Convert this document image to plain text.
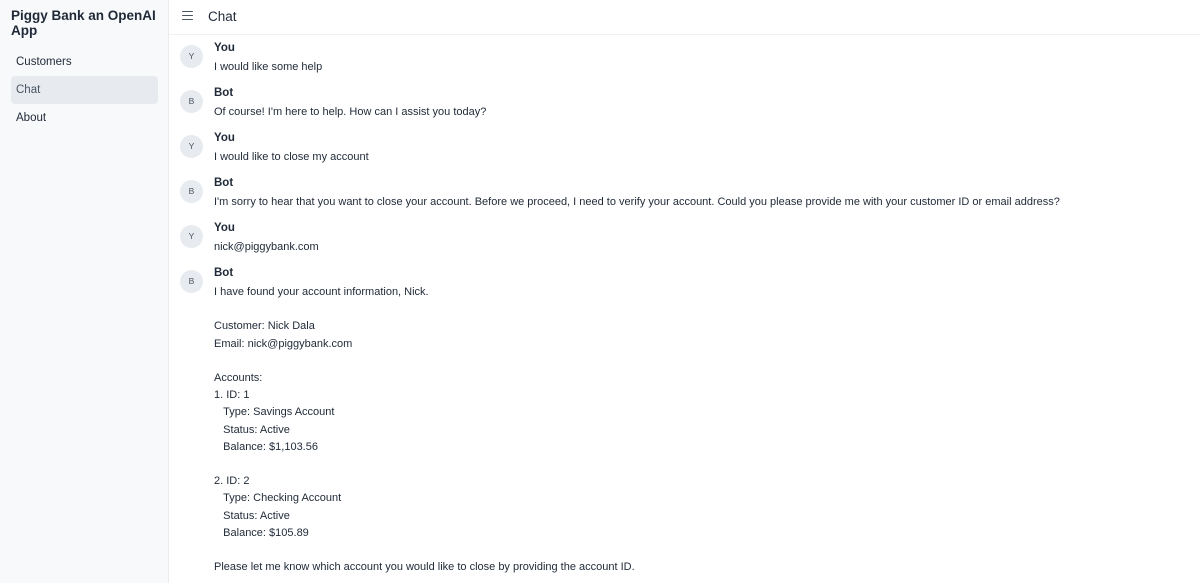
Piggy Bank an OpenAI App
Customers
Chat
About
Chat
Y
You
I would like some help
B
Bot
Of course! I'm here to help. How can I assist you today?
Y
You
I would like to close my account
B
Bot
I'm sorry to hear that you want to close your account. Before we proceed, I need to verify your account. Could you please provide me with your customer ID or email address?
Y
You
nick@piggybank.com
B
Bot
I have found your account information, Nick.

Customer: Nick Dala
Email: nick@piggybank.com

Accounts:
1. ID: 1
Type: Savings Account
Status: Active
Balance: $1,103.56

2. ID: 2
Type: Checking Account
Status: Active
Balance: $105.89

Please let me know which account you would like to close by providing the account ID.
